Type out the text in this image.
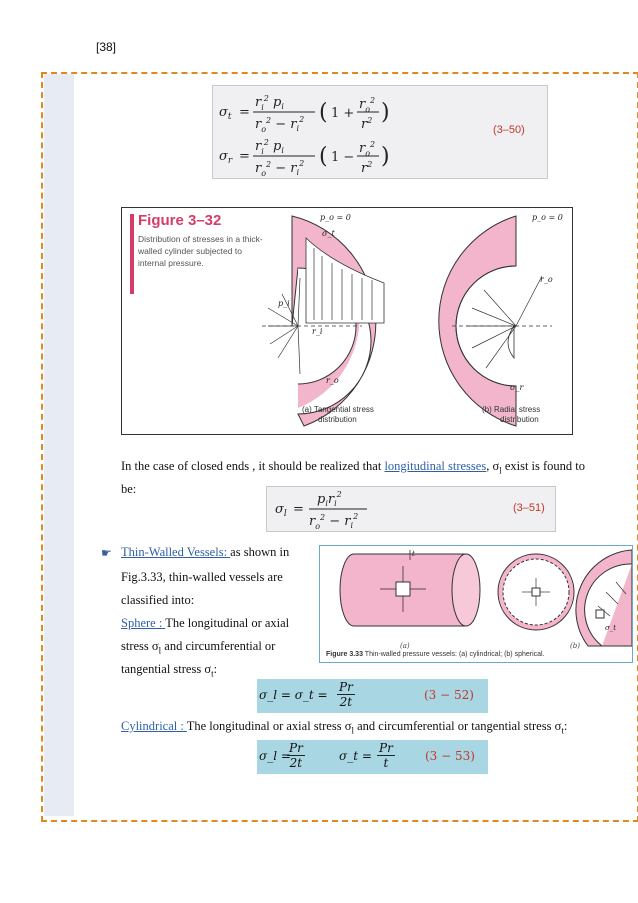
[38]
$\sigma_t$ =
$r_i^2$ $p_i$
$r_o^2 - r_i^2$ ( 1 +
$r_o^2$
$r^2$ )
$\sigma_r$ =
$r_i^2$ $p_i$
$r_o^2 - r_i^2$ ( 1 −
$r_o^2$
$r^2$ )
(3–50)
Figure 3–32
Distribution of stresses in a thick-walled cylinder subjected to internal pressure.
p_i
r_i
σ_t
p_o = 0
r_o
p_o = 0
σ_r
r_o
(a) Tangential stress
distribution
(b) Radial stress
distribution
In the case of closed ends , it should be realized that longitudinal stresses, $\sigma_l$ exist is found to
be:
$\sigma_l$ =
$p_ir_i^2$
$r_o^2 - r_i^2$
(3–51)
☛ Thin-Walled Vessels: as shown in
Fig.3.33, thin-walled vessels are
classified into:
Sphere : The longitudinal or axial
stress $\sigma_l$ and circumferential or
tangential stress $\sigma_t$:
t
(a)	(b)
σ_t
Figure 3.33 Thin-walled pressure vessels: (a) cylindrical; (b) spherical.
σ_l = σ_t = $\frac{Pr}{2t}$	(3 − 52)
Cylindrical : The longitudinal or axial stress $\sigma_l$ and circumferential or tangential stress $\sigma_t$:
σ_l =
$\frac{Pr}{2t}$	σ_t = $\frac{Pr}{t}$	(3 − 53)
